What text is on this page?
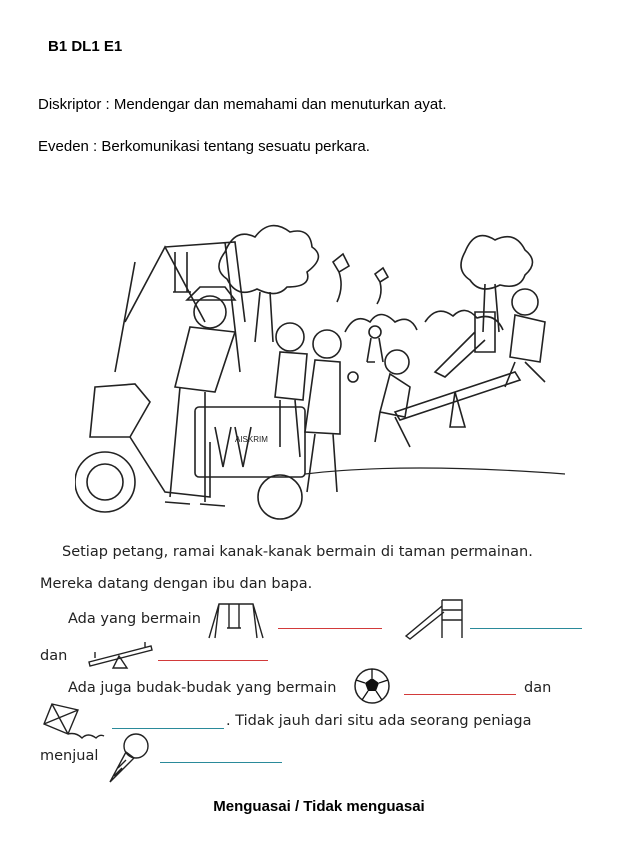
B1 DL1 E1
Diskriptor : Mendengar dan memahami dan menuturkan ayat.
Eveden : Berkomunikasi tentang sesuatu perkara.
AISKRIM
Setiap petang, ramai kanak-kanak bermain di taman permainan.
Mereka datang dengan ibu dan bapa.
Ada yang bermain
dan
Ada juga budak-budak yang bermain	dan
. Tidak jauh dari situ ada seorang peniaga
menjual
Menguasai / Tidak menguasai
